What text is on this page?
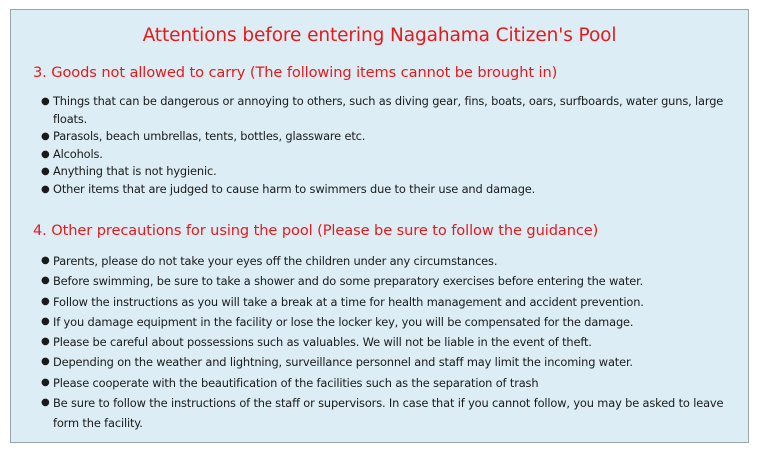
Attentions before entering Nagahama Citizen's Pool
3. Goods not allowed to carry (The following items cannot be brought in)
● Things that can be dangerous or annoying to others, such as diving gear, fins, boats, oars, surfboards, water guns, large floats.
● Parasols, beach umbrellas, tents, bottles, glassware etc.
● Alcohols.
● Anything that is not hygienic.
● Other items that are judged to cause harm to swimmers due to their use and damage.
4. Other precautions for using the pool (Please be sure to follow the guidance)
● Parents, please do not take your eyes off the children under any circumstances.
● Before swimming, be sure to take a shower and do some preparatory exercises before entering the water.
● Follow the instructions as you will take a break at a time for health management and accident prevention.
● If you damage equipment in the facility or lose the locker key, you will be compensated for the damage.
● Please be careful about possessions such as valuables. We will not be liable in the event of theft.
● Depending on the weather and lightning, surveillance personnel and staff may limit the incoming water.
● Please cooperate with the beautification of the facilities such as the separation of trash
● Be sure to follow the instructions of the staff or supervisors. In case that if you cannot follow, you may be asked to leave form the facility.
